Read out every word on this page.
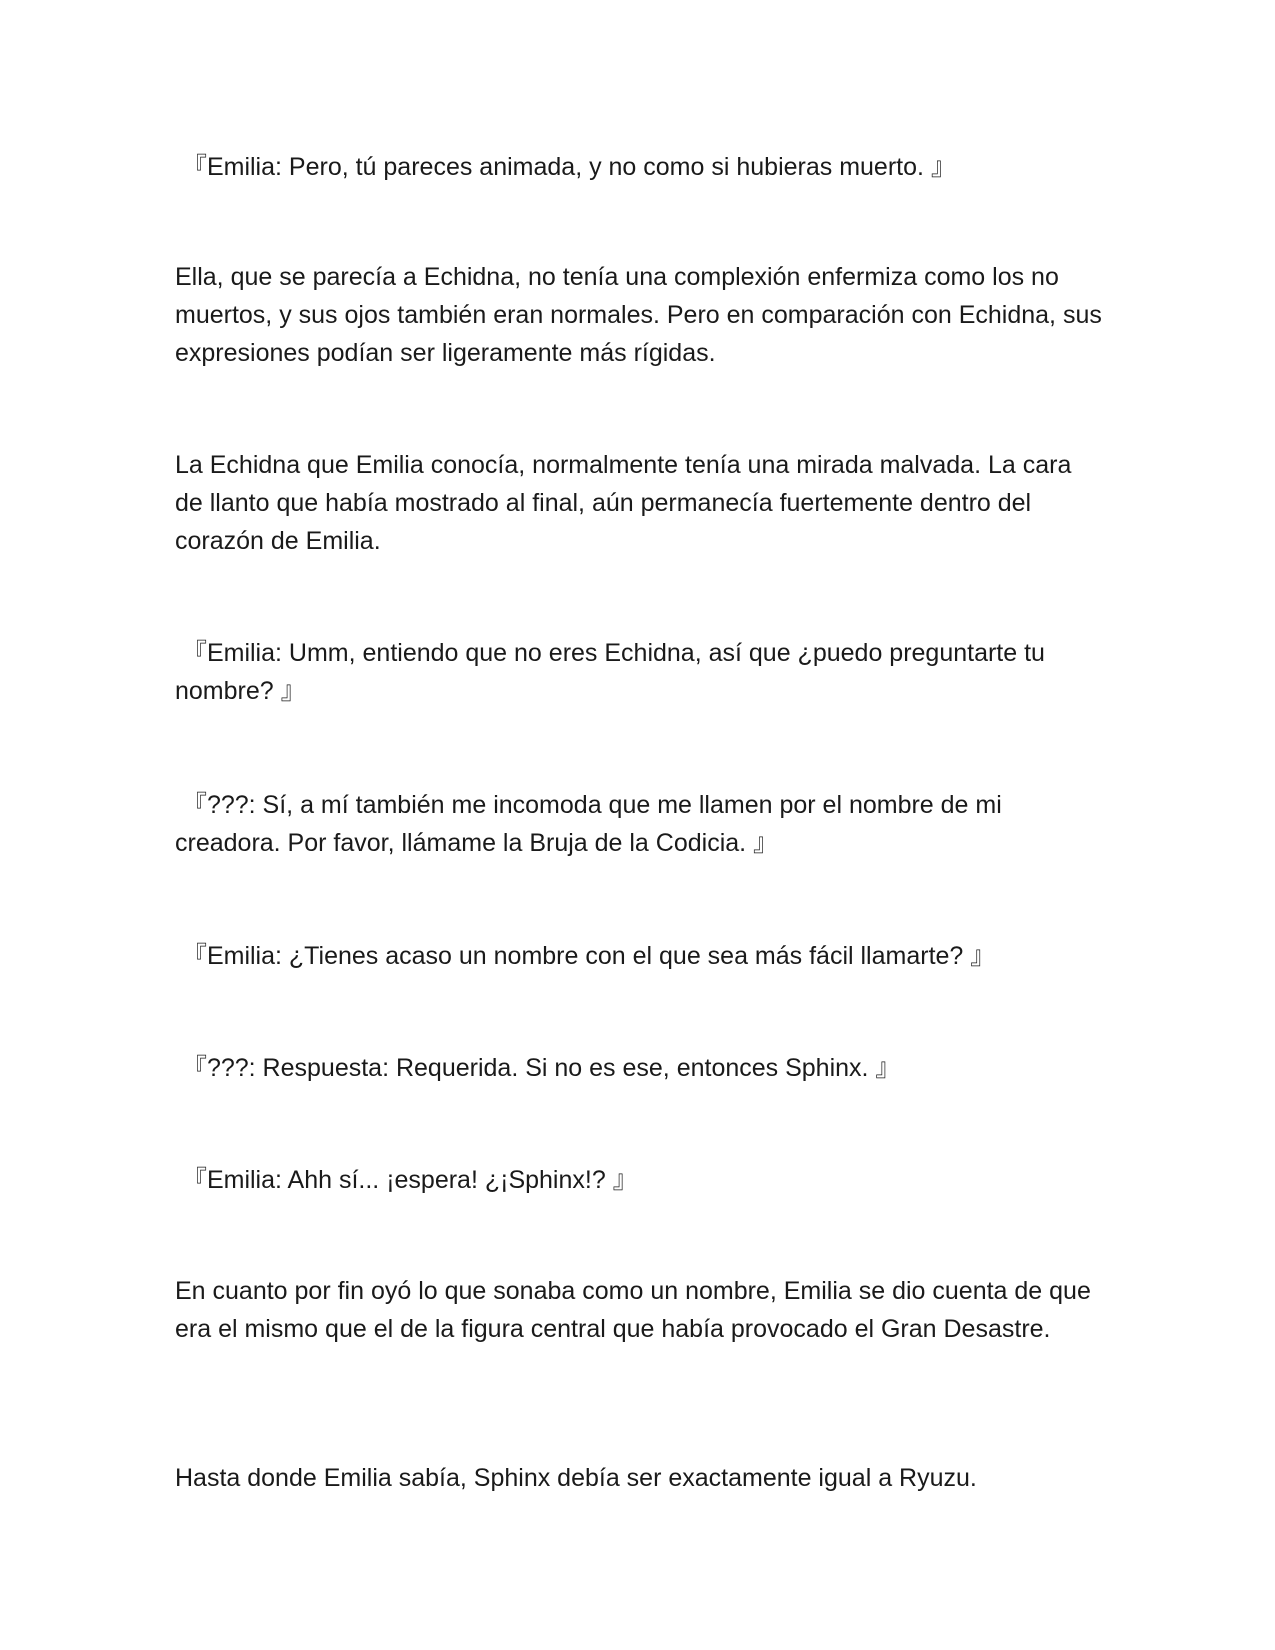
『Emilia: Pero, tú pareces animada, y no como si hubieras muerto. 』

Ella, que se parecía a Echidna, no tenía una complexión enfermiza como los no muertos, y sus ojos también eran normales. Pero en comparación con Echidna, sus expresiones podían ser ligeramente más rígidas.

La Echidna que Emilia conocía, normalmente tenía una mirada malvada. La cara de llanto que había mostrado al final, aún permanecía fuertemente dentro del corazón de Emilia.

『Emilia: Umm, entiendo que no eres Echidna, así que ¿puedo preguntarte tu nombre? 』

『???: Sí, a mí también me incomoda que me llamen por el nombre de mi creadora. Por favor, llámame la Bruja de la Codicia. 』

『Emilia: ¿Tienes acaso un nombre con el que sea más fácil llamarte? 』

『???: Respuesta: Requerida. Si no es ese, entonces Sphinx. 』

『Emilia: Ahh sí... ¡espera! ¿¡Sphinx!? 』

En cuanto por fin oyó lo que sonaba como un nombre, Emilia se dio cuenta de que era el mismo que el de la figura central que había provocado el Gran Desastre.

Hasta donde Emilia sabía, Sphinx debía ser exactamente igual a Ryuzu.
